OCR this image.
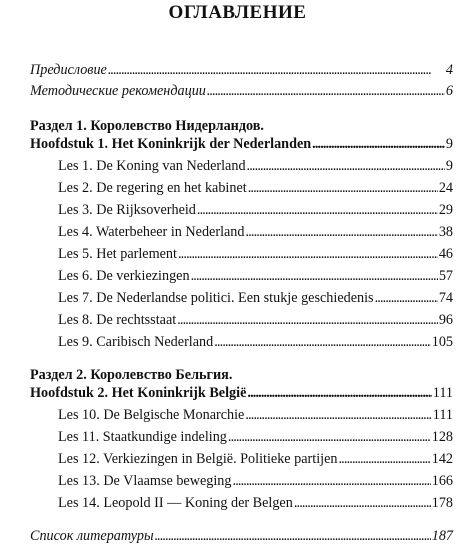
ОГЛАВЛЕНИЕ
Предисловие . . .	4
Методические рекомендации . . .	6
Раздел 1. Королевство Нидерландов.
Hoofdstuk 1. Het Koninkrijk der Nederlanden . . .	9
Les 1. De Koning van Nederland . . .	9
Les 2. De regering en het kabinet . . .	24
Les 3. De Rijksoverheid . . .	29
Les 4. Waterbeheer in Nederland . . .	38
Les 5. Het parlement . . .	46
Les 6. De verkiezingen . . .	57
Les 7. De Nederlandse politici. Een stukje geschiedenis . . .	74
Les 8. De rechtsstaat . . .	96
Les 9. Caribisch Nederland . . .	105
Раздел 2. Королевство Бельгия.
Hoofdstuk 2. Het Koninkrijk België . . .	111
Les 10. De Belgische Monarchie . . .	111
Les 11. Staatkundige indeling . . .	128
Les 12. Verkiezingen in België. Politieke partijen . . .	142
Les 13. De Vlaamse beweging . . .	166
Les 14. Leopold II — Koning der Belgen . . .	178
Список литературы . . .	187
